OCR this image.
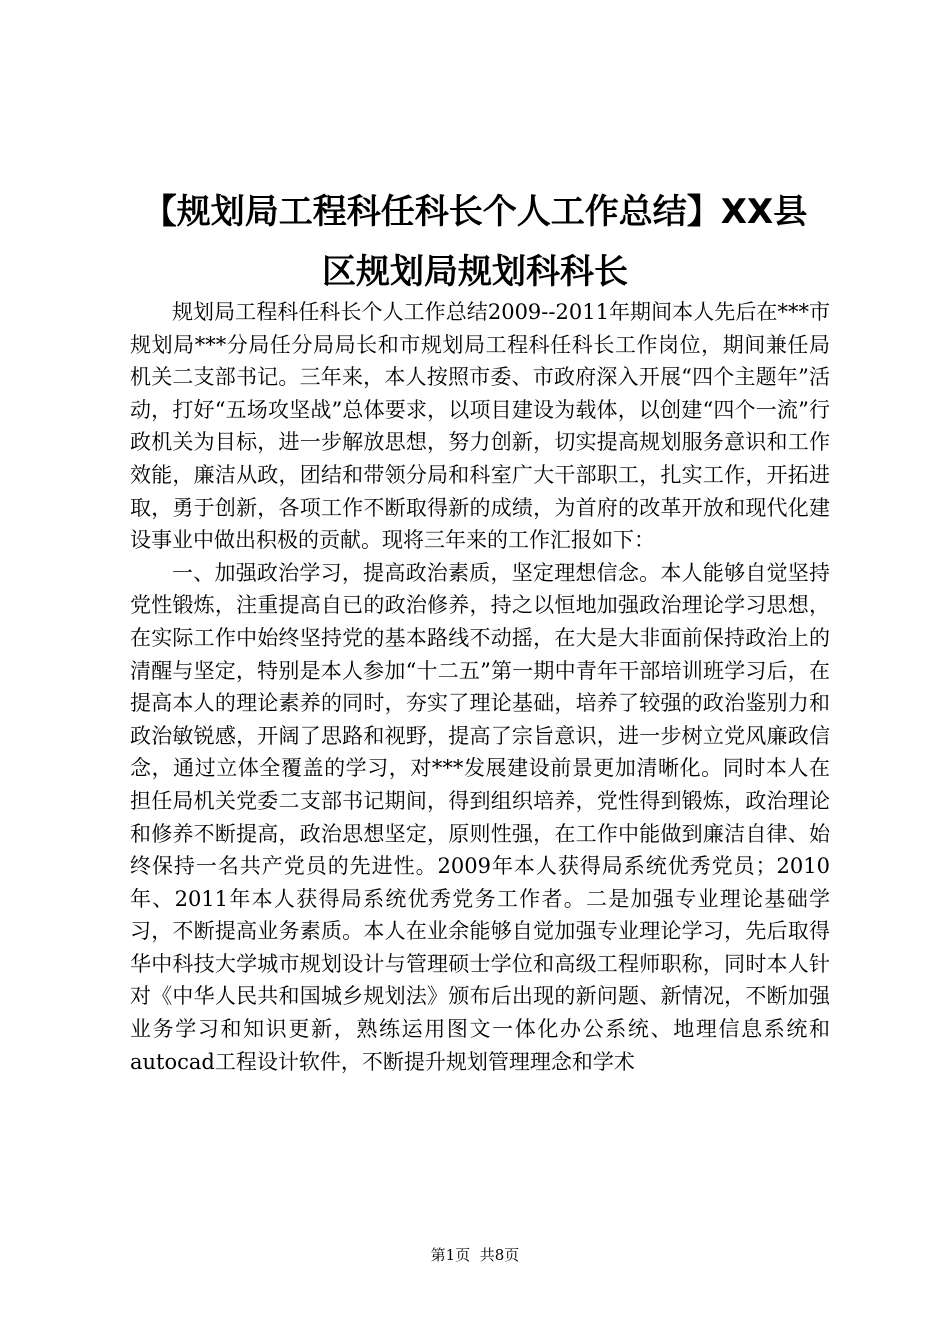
【规划局工程科任科长个人工作总结】XX县
区规划局规划科科长

规划局工程科任科长个人工作总结2009--2011年期间本人先后在***市规划局***分局任分局局长和市规划局工程科任科长工作岗位，期间兼任局机关二支部书记。三年来，本人按照市委、市政府深入开展“四个主题年”活动，打好“五场攻坚战”总体要求，以项目建设为载体，以创建“四个一流”行政机关为目标，进一步解放思想，努力创新，切实提高规划服务意识和工作效能，廉洁从政，团结和带领分局和科室广大干部职工，扎实工作，开拓进取，勇于创新，各项工作不断取得新的成绩，为首府的改革开放和现代化建设事业中做出积极的贡献。现将三年来的工作汇报如下：

一、加强政治学习，提高政治素质，坚定理想信念。本人能够自觉坚持党性锻炼，注重提高自已的政治修养，持之以恒地加强政治理论学习思想，在实际工作中始终坚持党的基本路线不动摇，在大是大非面前保持政治上的清醒与坚定，特别是本人参加“十二五”第一期中青年干部培训班学习后，在提高本人的理论素养的同时，夯实了理论基础，培养了较强的政治鉴别力和政治敏锐感，开阔了思路和视野，提高了宗旨意识，进一步树立党风廉政信念，通过立体全覆盖的学习，对***发展建设前景更加清晰化。同时本人在担任局机关党委二支部书记期间，得到组织培养，党性得到锻炼，政治理论和修养不断提高，政治思想坚定，原则性强，在工作中能做到廉洁自律、始终保持一名共产党员的先进性。2009年本人获得局系统优秀党员；2010年、2011年本人获得局系统优秀党务工作者。二是加强专业理论基础学习，不断提高业务素质。本人在业余能够自觉加强专业理论学习，先后取得华中科技大学城市规划设计与管理硕士学位和高级工程师职称，同时本人针对《中华人民共和国城乡规划法》颁布后出现的新问题、新情况，不断加强业务学习和知识更新，熟练运用图文一体化办公系统、地理信息系统和autocad工程设计软件，不断提升规划管理理念和学术

第1页 共8页
